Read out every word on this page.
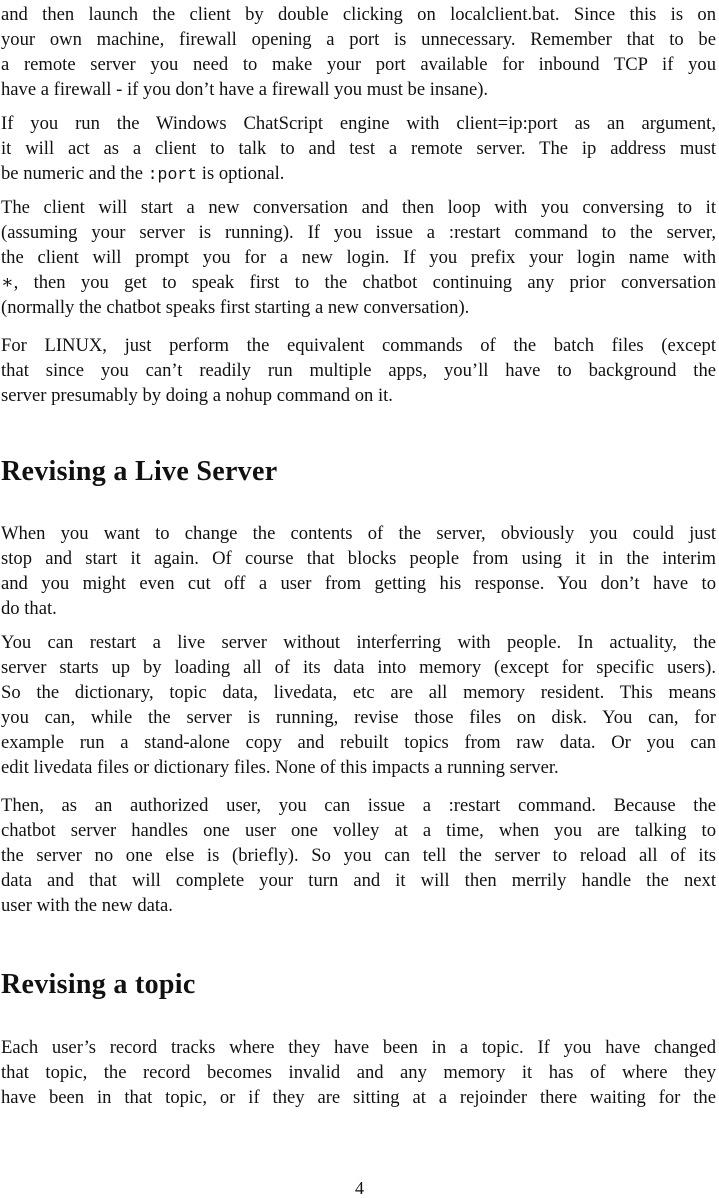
and then launch the client by double clicking on localclient.bat. Since this is on
your own machine, firewall opening a port is unnecessary. Remember that to be
a remote server you need to make your port available for inbound TCP if you
have a firewall - if you don’t have a firewall you must be insane).
If you run the Windows ChatScript engine with client=ip:port as an argument,
it will act as a client to talk to and test a remote server. The ip address must
be numeric and the :port is optional.
The client will start a new conversation and then loop with you conversing to it
(assuming your server is running). If you issue a :restart command to the server,
the client will prompt you for a new login. If you prefix your login name with
∗, then you get to speak first to the chatbot continuing any prior conversation
(normally the chatbot speaks first starting a new conversation).
For LINUX, just perform the equivalent commands of the batch files (except
that since you can’t readily run multiple apps, you’ll have to background the
server presumably by doing a nohup command on it.
Revising a Live Server
When you want to change the contents of the server, obviously you could just
stop and start it again. Of course that blocks people from using it in the interim
and you might even cut off a user from getting his response. You don’t have to
do that.
You can restart a live server without interferring with people. In actuality, the
server starts up by loading all of its data into memory (except for specific users).
So the dictionary, topic data, livedata, etc are all memory resident. This means
you can, while the server is running, revise those files on disk. You can, for
example run a stand-alone copy and rebuilt topics from raw data. Or you can
edit livedata files or dictionary files. None of this impacts a running server.
Then, as an authorized user, you can issue a :restart command. Because the
chatbot server handles one user one volley at a time, when you are talking to
the server no one else is (briefly). So you can tell the server to reload all of its
data and that will complete your turn and it will then merrily handle the next
user with the new data.
Revising a topic
Each user’s record tracks where they have been in a topic. If you have changed
that topic, the record becomes invalid and any memory it has of where they
have been in that topic, or if they are sitting at a rejoinder there waiting for the
4
